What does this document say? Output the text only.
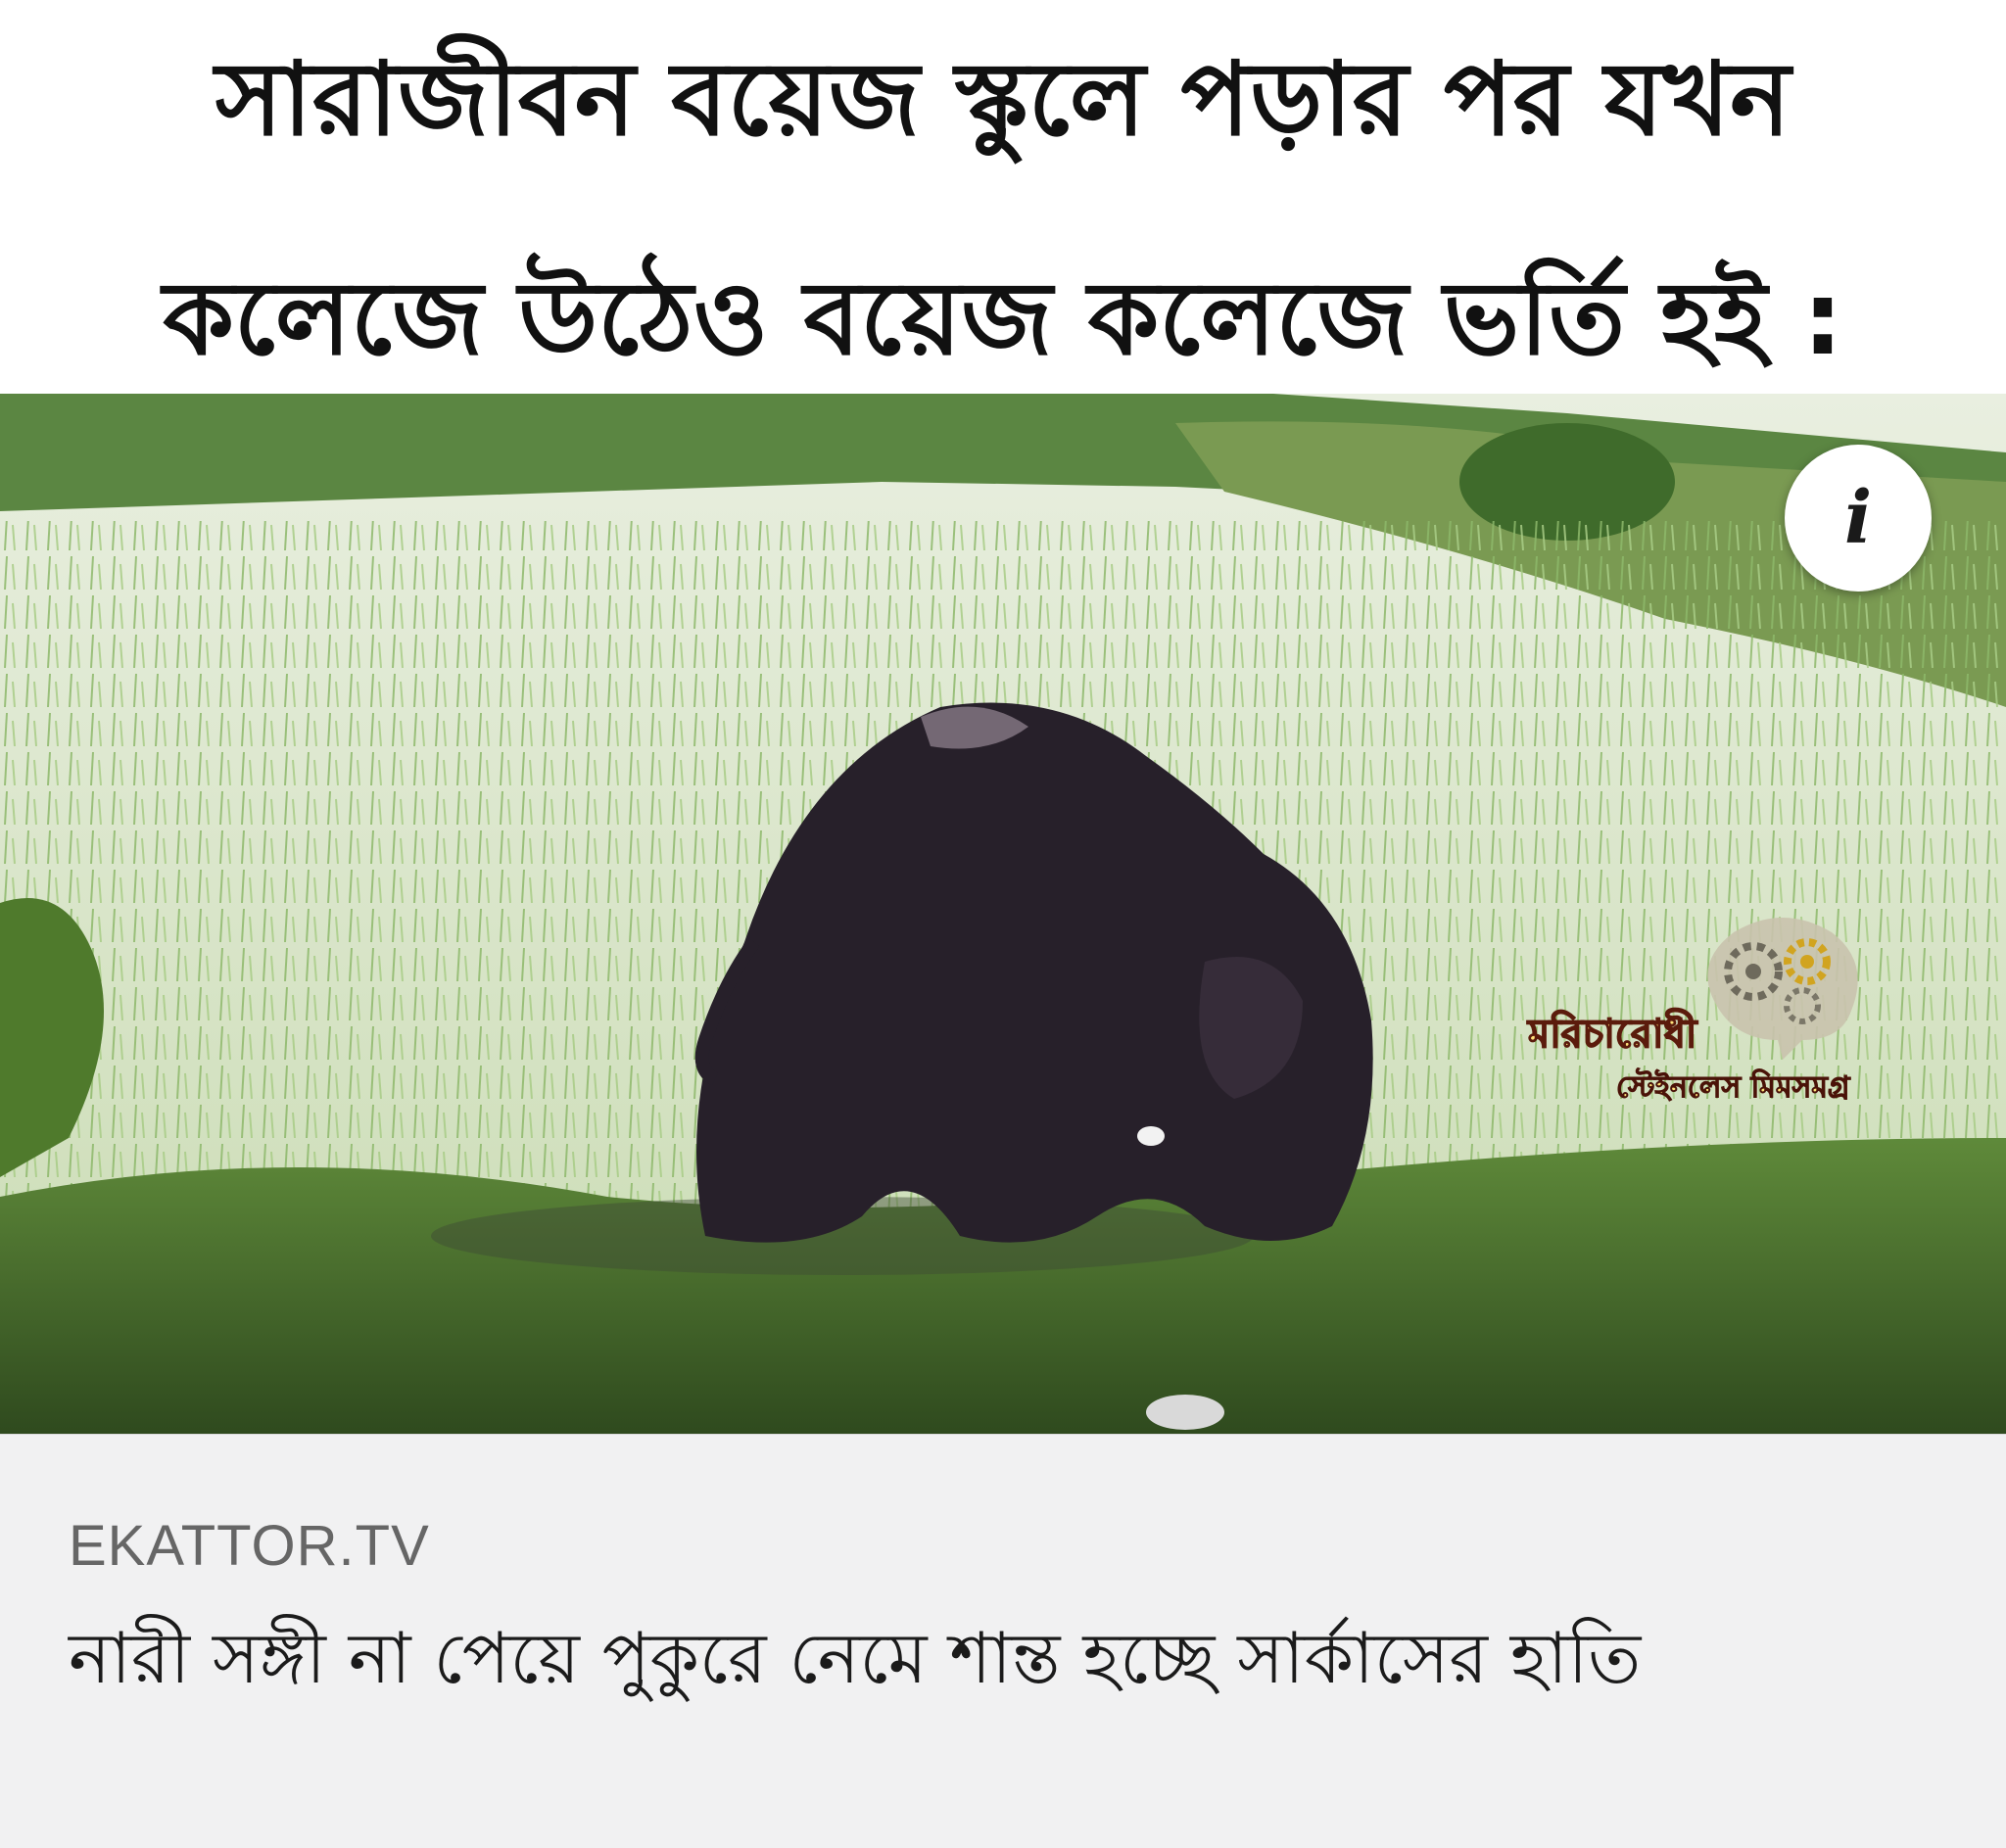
সারাজীবন বয়েজ স্কুলে পড়ার পর যখন
কলেজে উঠেও বয়েজ কলেজে ভর্তি হই :
i
মরিচারোধী
স্টেইনলেস মিমসমগ্র
EKATTOR.TV
নারী সঙ্গী না পেয়ে পুকুরে নেমে শান্ত হচ্ছে সার্কাসের হাতি
